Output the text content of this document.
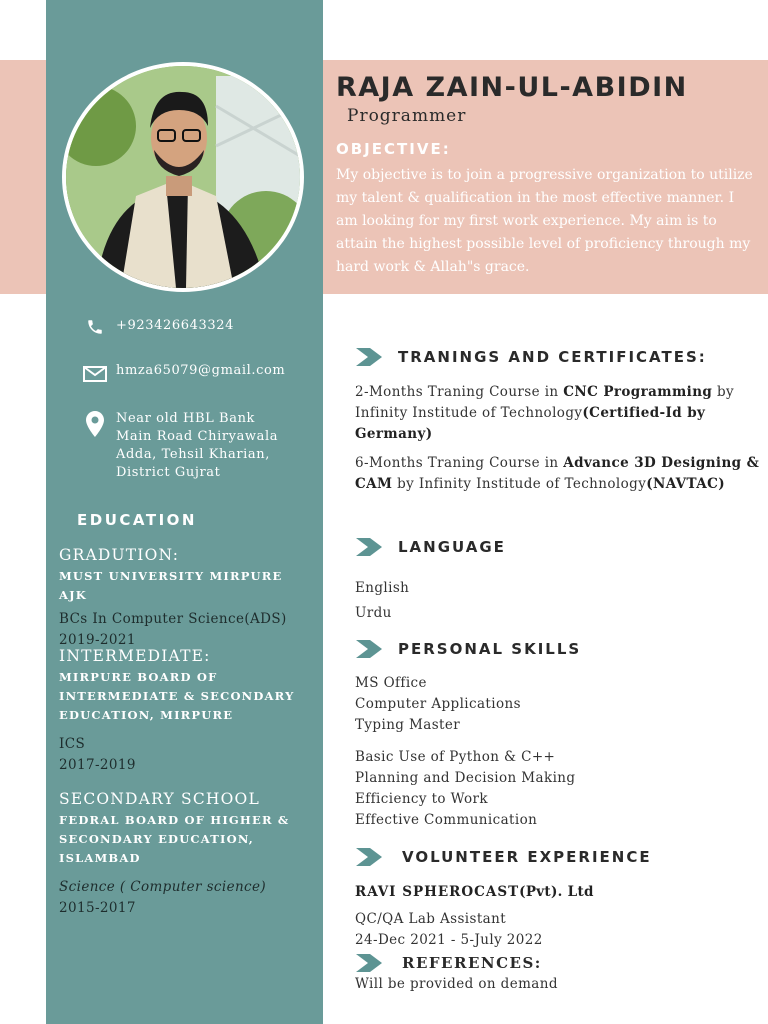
RAJA ZAIN-UL-ABIDIN
Programmer
OBJECTIVE:
My objective is to join a progressive organization to utilize my talent & qualification in the most effective manner. I am looking for my first work experience. My aim is to attain the highest possible level of proficiency through my hard work & Allah"s grace.
+923426643324
hmza65079@gmail.com
Near old HBL Bank
Main Road Chiryawala
Adda, Tehsil Kharian,
District Gujrat
EDUCATION
GRADUTION:
MUST UNIVERSITY MIRPURE AJK
BCs In Computer Science(ADS)
2019-2021
INTERMEDIATE:
MIRPURE BOARD OF
INTERMEDIATE & SECONDARY
EDUCATION, MIRPURE
ICS
2017-2019
SECONDARY SCHOOL
FEDRAL BOARD OF HIGHER &
SECONDARY EDUCATION,
ISLAMBAD
Science ( Computer science)
2015-2017
TRANINGS AND CERTIFICATES:
2-Months Traning Course in CNC Programming by Infinity Institude of Technology(Certified-Id by Germany)
6-Months Traning Course in Advance 3D Designing & CAM by Infinity Institude of Technology(NAVTAC)
LANGUAGE
English
Urdu
PERSONAL SKILLS
MS Office
Computer Applications
Typing Master
Basic Use of Python & C++
Planning and Decision Making
Efficiency to Work
Effective Communication
VOLUNTEER EXPERIENCE
RAVI SPHEROCAST(Pvt). Ltd
QC/QA Lab Assistant
24-Dec 2021 - 5-July 2022
REFERENCES:
Will be provided on demand
